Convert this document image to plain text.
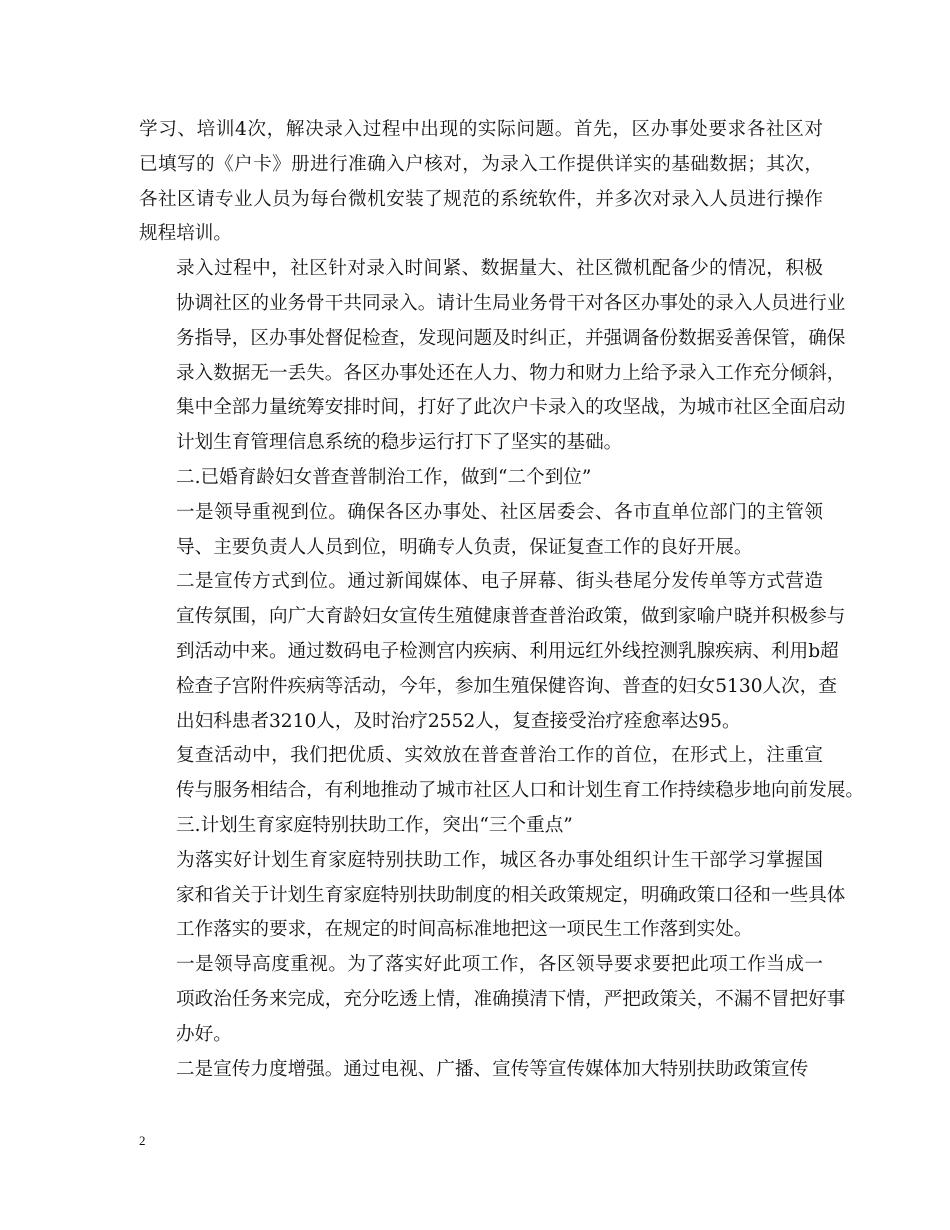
学习、培训4次，解决录入过程中出现的实际问题。首先，区办事处要求各社区对
已填写的《户卡》册进行准确入户核对，为录入工作提供详实的基础数据；其次，
各社区请专业人员为每台微机安装了规范的系统软件，并多次对录入人员进行操作
规程培训。

录入过程中，社区针对录入时间紧、数据量大、社区微机配备少的情况，积极
协调社区的业务骨干共同录入。请计生局业务骨干对各区办事处的录入人员进行业
务指导，区办事处督促检查，发现问题及时纠正，并强调备份数据妥善保管，确保
录入数据无一丢失。各区办事处还在人力、物力和财力上给予录入工作充分倾斜，
集中全部力量统筹安排时间，打好了此次户卡录入的攻坚战，为城市社区全面启动
计划生育管理信息系统的稳步运行打下了坚实的基础。

二.已婚育龄妇女普查普制治工作，做到“二个到位”

一是领导重视到位。确保各区办事处、社区居委会、各市直单位部门的主管领
导、主要负责人人员到位，明确专人负责，保证复查工作的良好开展。

二是宣传方式到位。通过新闻媒体、电子屏幕、街头巷尾分发传单等方式营造
宣传氛围，向广大育龄妇女宣传生殖健康普查普治政策，做到家喻户晓并积极参与
到活动中来。通过数码电子检测宫内疾病、利用远红外线控测乳腺疾病、利用b超
检查子宫附件疾病等活动，今年，参加生殖保健咨询、普查的妇女5130人次，查
出妇科患者3210人，及时治疗2552人，复查接受治疗痊愈率达95。

复查活动中，我们把优质、实效放在普查普治工作的首位，在形式上，注重宣
传与服务相结合，有利地推动了城市社区人口和计划生育工作持续稳步地向前发展。

三.计划生育家庭特别扶助工作，突出“三个重点”

为落实好计划生育家庭特别扶助工作，城区各办事处组织计生干部学习掌握国
家和省关于计划生育家庭特别扶助制度的相关政策规定，明确政策口径和一些具体
工作落实的要求，在规定的时间高标准地把这一项民生工作落到实处。

一是领导高度重视。为了落实好此项工作，各区领导要求要把此项工作当成一
项政治任务来完成，充分吃透上情，准确摸清下情，严把政策关，不漏不冒把好事
办好。

二是宣传力度增强。通过电视、广播、宣传等宣传媒体加大特别扶助政策宣传

2
